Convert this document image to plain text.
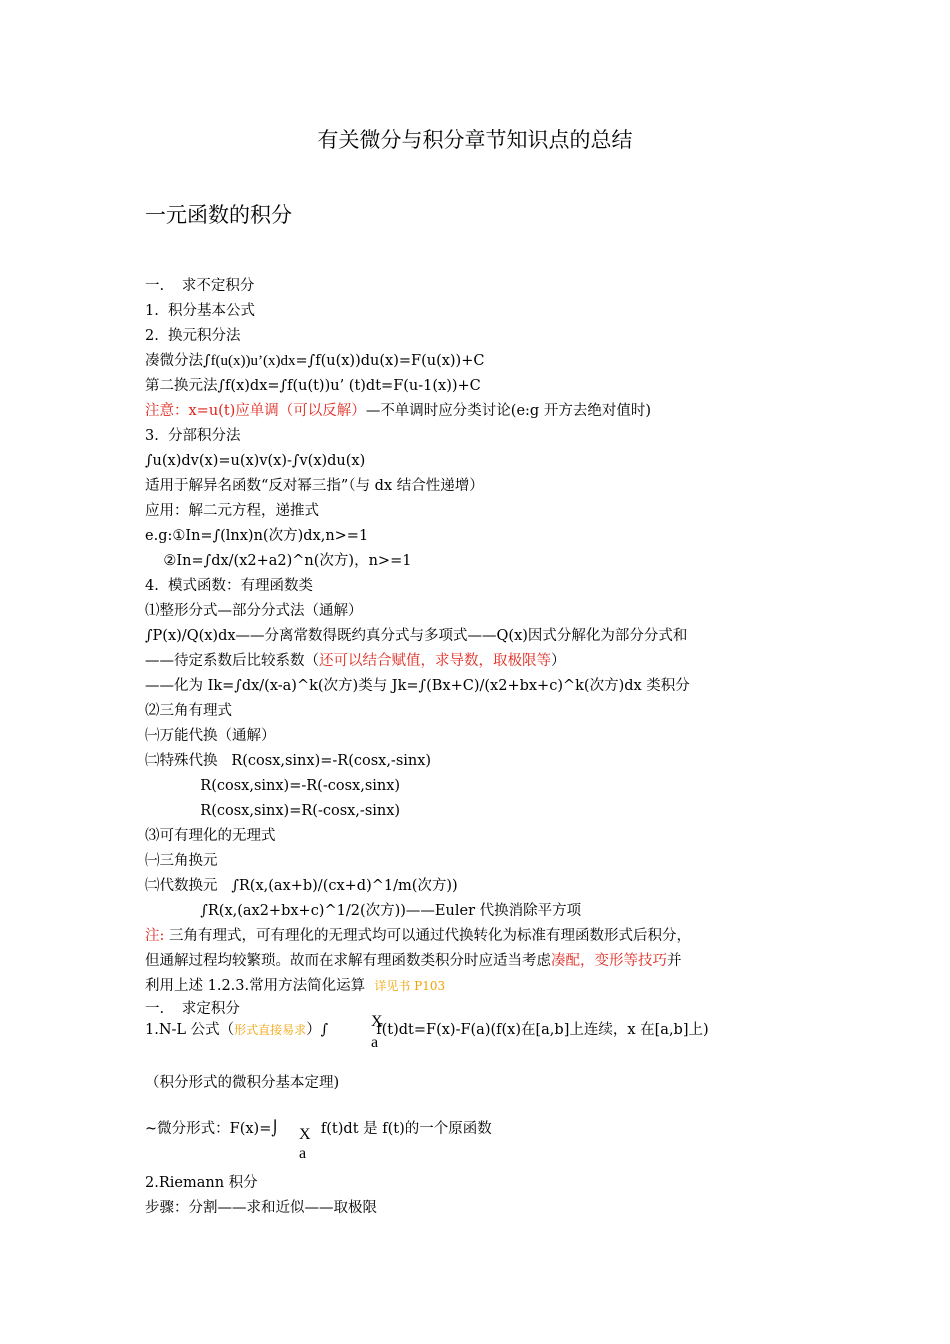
有关微分与积分章节知识点的总结
一元函数的积分
一.	求不定积分
1.  积分基本公式
2.  换元积分法
凑微分法∫f(u(x))u’(x)dx=∫f(u(x))du(x)=F(u(x))+C
第二换元法∫f(x)dx=∫f(u(t))u’ (t)dt=F(u-1(x))+C
注意：x=u(t)应单调（可以反解）—不单调时应分类讨论(e:g 开方去绝对值时)
3.  分部积分法
∫u(x)dv(x)=u(x)v(x)-∫v(x)du(x)
适用于解异名函数“反对幂三指”（与 dx 结合性递增）
应用：解二元方程，递推式
e.g:①In=∫(lnx)n(次方)dx,n>=1
②In=∫dx/(x2+a2)^n(次方)，n>=1
4.  模式函数：有理函数类
⑴整形分式—部分分式法（通解）
∫P(x)/Q(x)dx——分离常数得既约真分式与多项式——Q(x)因式分解化为部分分式和
——待定系数后比较系数（还可以结合赋值，求导数，取极限等）
——化为 Ik=∫dx/(x-a)^k(次方)类与 Jk=∫(Bx+C)/(x2+bx+c)^k(次方)dx 类积分
⑵三角有理式
㈠万能代换（通解）
㈡特殊代换   R(cosx,sinx)=-R(cosx,-sinx)
R(cosx,sinx)=-R(-cosx,sinx)
R(cosx,sinx)=R(-cosx,-sinx)
⑶可有理化的无理式
㈠三角换元
㈡代数换元   ∫R(x,(ax+b)/(cx+d)^1/m(次方))
∫R(x,(ax2+bx+c)^1/2(次方))——Euler 代换消除平方项
注: 三角有理式，可有理化的无理式均可以通过代换转化为标准有理函数形式后积分，
但通解过程均较繁琐。故而在求解有理函数类积分时应适当考虑凑配，变形等技巧并
利用上述 1.2.3.常用方法简化运算  详见书 P103
一.	求定积分
1.N-L 公式（形式直接易求）∫	f(t)dt=F(x)-F(a)(f(x)在[a,b]上连续，x 在[a,b]上)
X
a
（积分形式的微积分基本定理)
~微分形式：F(x)=⌡	f(t)dt 是 f(t)的一个原函数
X
a
2.Riemann 积分
步骤：分割——求和近似——取极限
